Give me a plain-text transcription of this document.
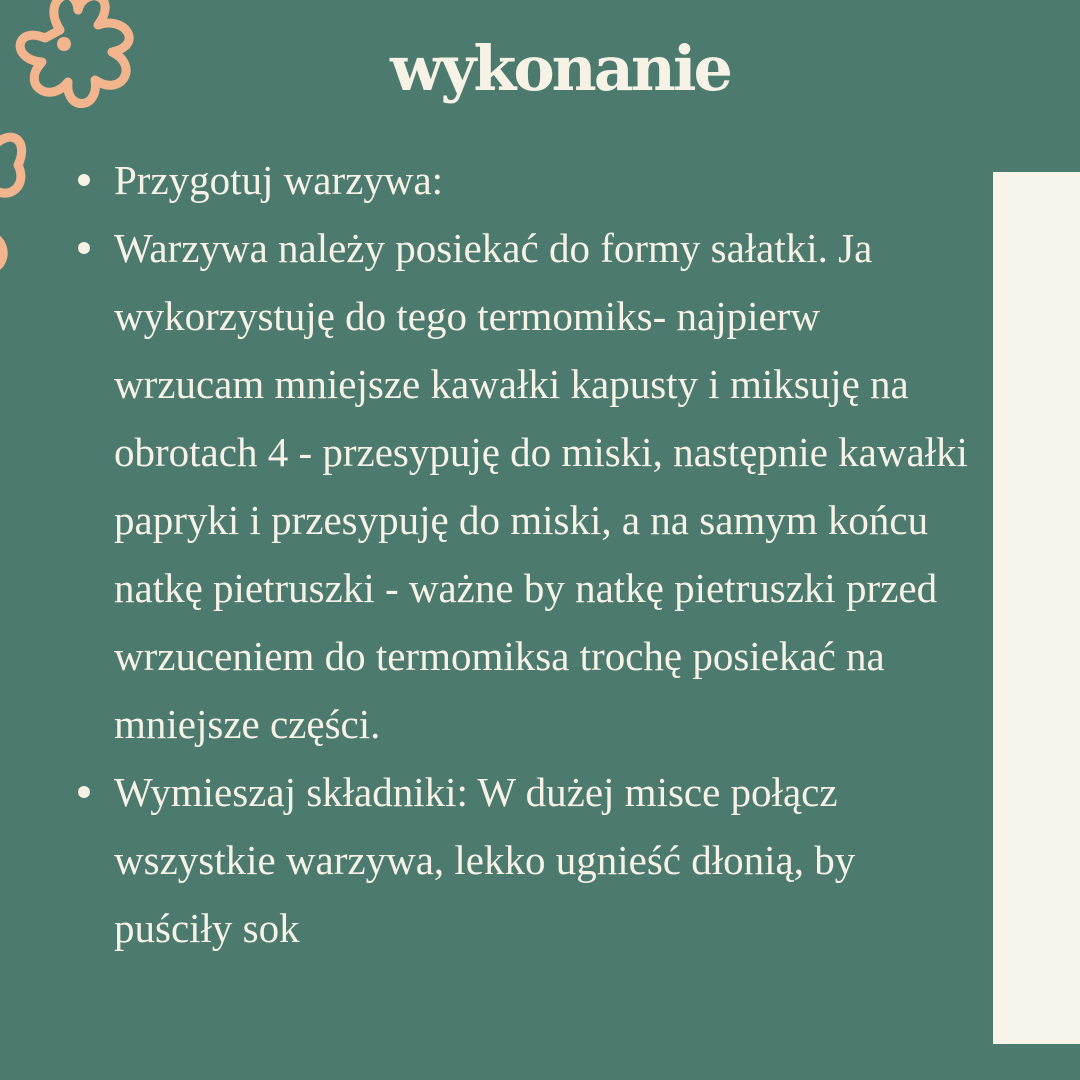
wykonanie
Przygotuj warzywa:
Warzywa należy posiekać do formy sałatki. Ja wykorzystuję do tego termomiks- najpierw wrzucam mniejsze kawałki kapusty i miksuję na obrotach 4 - przesypuję do miski, następnie kawałki papryki i przesypuję do miski, a na samym końcu natkę pietruszki - ważne by natkę pietruszki przed wrzuceniem do termomiksa trochę posiekać na mniejsze części.
Wymieszaj składniki: W dużej misce połącz wszystkie warzywa, lekko ugnieść dłonią, by puściły sok
